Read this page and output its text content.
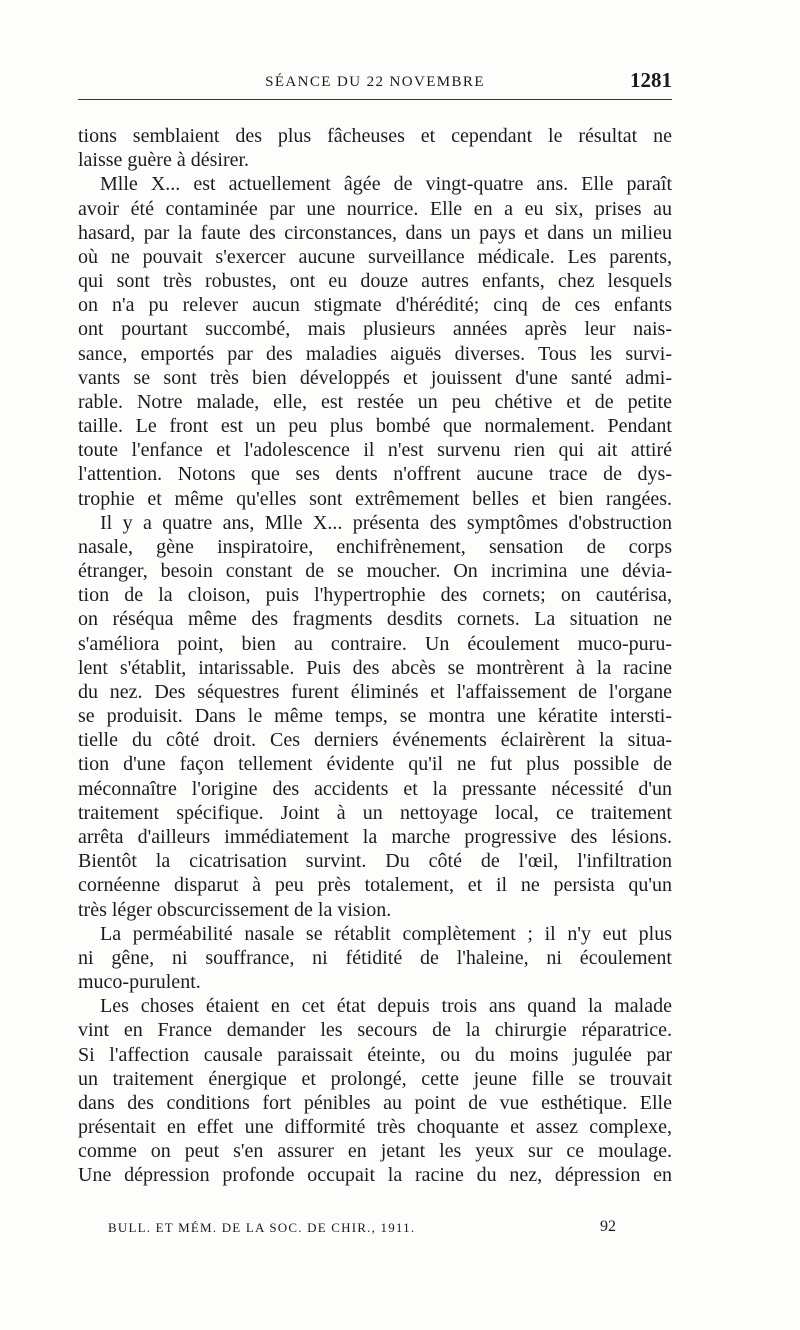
SÉANCE DU 22 NOVEMBRE	1281
tions semblaient des plus fâcheuses et cependant le résultat ne
laisse guère à désirer.
Mlle X... est actuellement âgée de vingt-quatre ans. Elle paraît
avoir été contaminée par une nourrice. Elle en a eu six, prises au
hasard, par la faute des circonstances, dans un pays et dans un milieu
où ne pouvait s'exercer aucune surveillance médicale. Les parents,
qui sont très robustes, ont eu douze autres enfants, chez lesquels
on n'a pu relever aucun stigmate d'hérédité; cinq de ces enfants
ont pourtant succombé, mais plusieurs années après leur nais-
sance, emportés par des maladies aiguës diverses. Tous les survi-
vants se sont très bien développés et jouissent d'une santé admi-
rable. Notre malade, elle, est restée un peu chétive et de petite
taille. Le front est un peu plus bombé que normalement. Pendant
toute l'enfance et l'adolescence il n'est survenu rien qui ait attiré
l'attention. Notons que ses dents n'offrent aucune trace de dys-
trophie et même qu'elles sont extrêmement belles et bien rangées.
Il y a quatre ans, Mlle X... présenta des symptômes d'obstruction
nasale, gène inspiratoire, enchifrènement, sensation de corps
étranger, besoin constant de se moucher. On incrimina une dévia-
tion de la cloison, puis l'hypertrophie des cornets; on cautérisa,
on réséqua même des fragments desdits cornets. La situation ne
s'améliora point, bien au contraire. Un écoulement muco-puru-
lent s'établit, intarissable. Puis des abcès se montrèrent à la racine
du nez. Des séquestres furent éliminés et l'affaissement de l'organe
se produisit. Dans le même temps, se montra une kératite intersti-
tielle du côté droit. Ces derniers événements éclairèrent la situa-
tion d'une façon tellement évidente qu'il ne fut plus possible de
méconnaître l'origine des accidents et la pressante nécessité d'un
traitement spécifique. Joint à un nettoyage local, ce traitement
arrêta d'ailleurs immédiatement la marche progressive des lésions.
Bientôt la cicatrisation survint. Du côté de l'œil, l'infiltration
cornéenne disparut à peu près totalement, et il ne persista qu'un
très léger obscurcissement de la vision.
La perméabilité nasale se rétablit complètement ; il n'y eut plus
ni gêne, ni souffrance, ni fétidité de l'haleine, ni écoulement
muco-purulent.
Les choses étaient en cet état depuis trois ans quand la malade
vint en France demander les secours de la chirurgie réparatrice.
Si l'affection causale paraissait éteinte, ou du moins jugulée par
un traitement énergique et prolongé, cette jeune fille se trouvait
dans des conditions fort pénibles au point de vue esthétique. Elle
présentait en effet une difformité très choquante et assez complexe,
comme on peut s'en assurer en jetant les yeux sur ce moulage.
Une dépression profonde occupait la racine du nez, dépression en
BULL. ET MÉM. DE LA SOC. DE CHIR., 1911.	92
